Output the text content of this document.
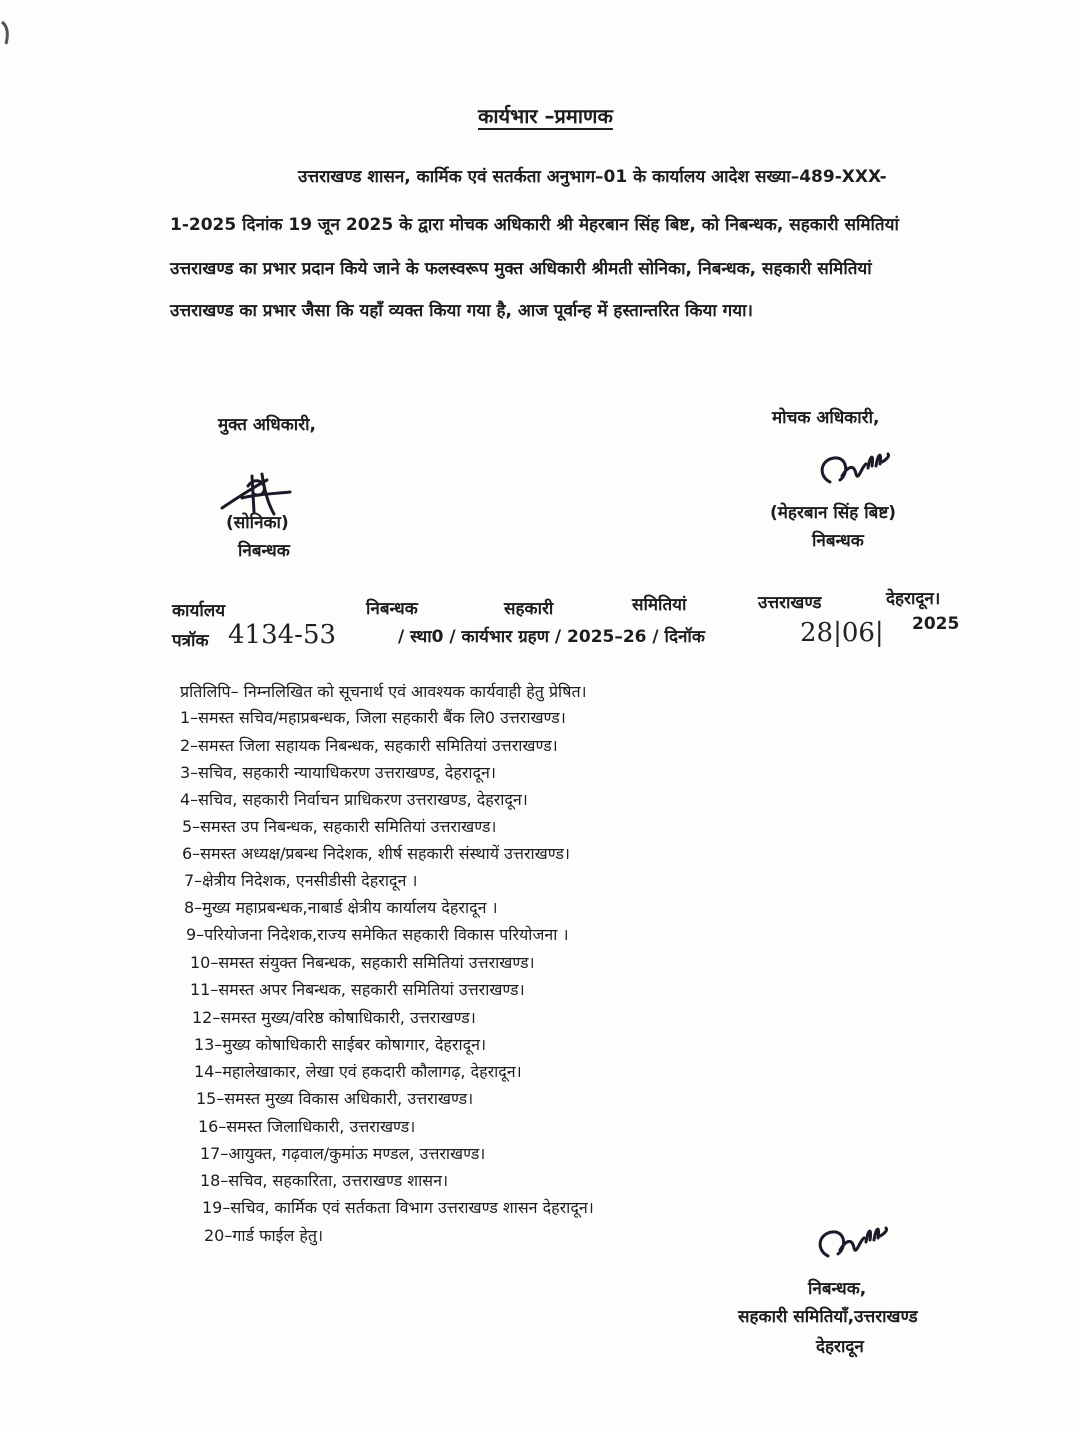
कार्यभार –प्रमाणक
उत्तराखण्ड शासन, कार्मिक एवं सतर्कता अनुभाग–01 के कार्यालय आदेश सख्या–489-XXX-
1-2025 दिनांक 19 जून 2025 के द्वारा मोचक अधिकारी श्री मेहरबान सिंह बिष्ट, को निबन्धक, सहकारी समितियां
उत्तराखण्ड का प्रभार प्रदान किये जाने के फलस्वरूप मुक्त अधिकारी श्रीमती सोनिका, निबन्धक, सहकारी समितियां
उत्तराखण्ड का प्रभार जैसा कि यहाँ व्यक्त किया गया है, आज पूर्वान्ह में हस्तान्तरित किया गया।
मुक्त अधिकारी,
(सोनिका)
निबन्धक
मोचक अधिकारी,
(मेहरबान सिंह बिष्ट)
निबन्धक
कार्यालय	निबन्धक	सहकारी	समितियां	उत्तराखण्ड	देहरादून।
पत्रॉक 4134-53	/ स्था0 / कार्यभार ग्रहण / 2025–26 / दिनॉक	28|06| 2025
प्रतिलिपि– निम्नलिखित को सूचनार्थ एवं आवश्यक कार्यवाही हेतु प्रेषित।
1–समस्त सचिव/महाप्रबन्धक, जिला सहकारी बैंक लि0 उत्तराखण्ड।
2–समस्त जिला सहायक निबन्धक, सहकारी समितियां उत्तराखण्ड।
3–सचिव, सहकारी न्यायाधिकरण उत्तराखण्ड, देहरादून।
4–सचिव, सहकारी निर्वाचन प्राधिकरण उत्तराखण्ड, देहरादून।
5–समस्त उप निबन्धक, सहकारी समितियां उत्तराखण्ड।
6–समस्त अध्यक्ष/प्रबन्ध निदेशक, शीर्ष सहकारी संस्थायें उत्तराखण्ड।
7–क्षेत्रीय निदेशक, एनसीडीसी देहरादून ।
8–मुख्य महाप्रबन्धक,नाबार्ड क्षेत्रीय कार्यालय देहरादून ।
9–परियोजना निदेशक,राज्य समेकित सहकारी विकास परियोजना ।
10–समस्त संयुक्त निबन्धक, सहकारी समितियां उत्तराखण्ड।
11–समस्त अपर निबन्धक, सहकारी समितियां उत्तराखण्ड।
12–समस्त मुख्य/वरिष्ठ कोषाधिकारी, उत्तराखण्ड।
13–मुख्य कोषाधिकारी साईबर कोषागार, देहरादून।
14–महालेखाकार, लेखा एवं हकदारी कौलागढ़, देहरादून।
15–समस्त मुख्य विकास अधिकारी, उत्तराखण्ड।
16–समस्त जिलाधिकारी, उत्तराखण्ड।
17–आयुक्त, गढ़वाल/कुमांऊ मण्डल, उत्तराखण्ड।
18–सचिव, सहकारिता, उत्तराखण्ड शासन।
19–सचिव, कार्मिक एवं सर्तकता विभाग उत्तराखण्ड शासन देहरादून।
20–गार्ड फाईल हेतु।
निबन्धक,
सहकारी समितियॉं,उत्तराखण्ड
देहरादून
